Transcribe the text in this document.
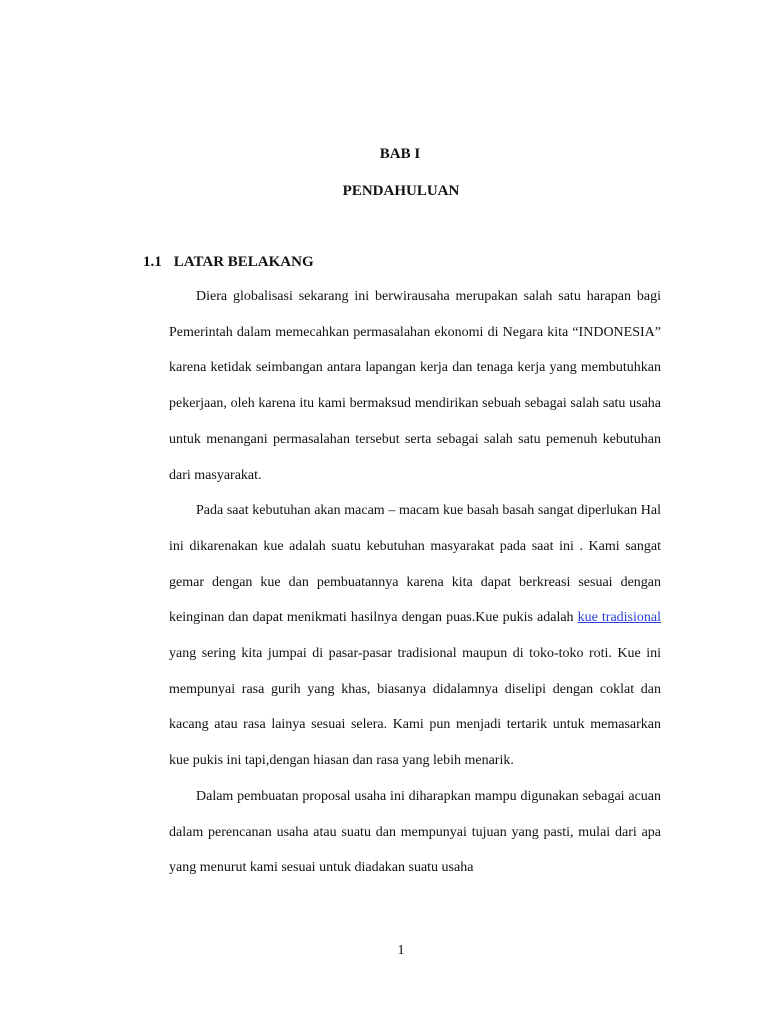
BAB I
PENDAHULUAN
1.1 LATAR BELAKANG

Diera globalisasi sekarang ini berwirausaha merupakan salah satu harapan bagi Pemerintah dalam memecahkan permasalahan ekonomi di Negara kita “INDONESIA” karena ketidak seimbangan antara lapangan kerja dan tenaga kerja yang membutuhkan pekerjaan, oleh karena itu kami bermaksud mendirikan sebuah sebagai salah satu usaha untuk menangani permasalahan tersebut serta sebagai salah satu pemenuh kebutuhan dari masyarakat.

Pada saat kebutuhan akan macam – macam kue basah basah sangat diperlukan Hal ini dikarenakan kue adalah suatu kebutuhan masyarakat pada saat ini . Kami sangat gemar dengan kue dan pembuatannya karena kita dapat berkreasi sesuai dengan keinginan dan dapat menikmati hasilnya dengan puas.Kue pukis adalah kue tradisional yang sering kita jumpai di pasar-pasar tradisional maupun di toko-toko roti. Kue ini mempunyai rasa gurih yang khas, biasanya didalamnya diselipi dengan coklat dan kacang atau rasa lainya sesuai selera. Kami pun menjadi tertarik untuk memasarkan kue pukis ini tapi,dengan hiasan dan rasa yang lebih menarik.

Dalam pembuatan proposal usaha ini diharapkan mampu digunakan sebagai acuan dalam perencanan usaha atau suatu dan mempunyai tujuan yang pasti, mulai dari apa yang menurut kami sesuai untuk diadakan suatu usaha

1
